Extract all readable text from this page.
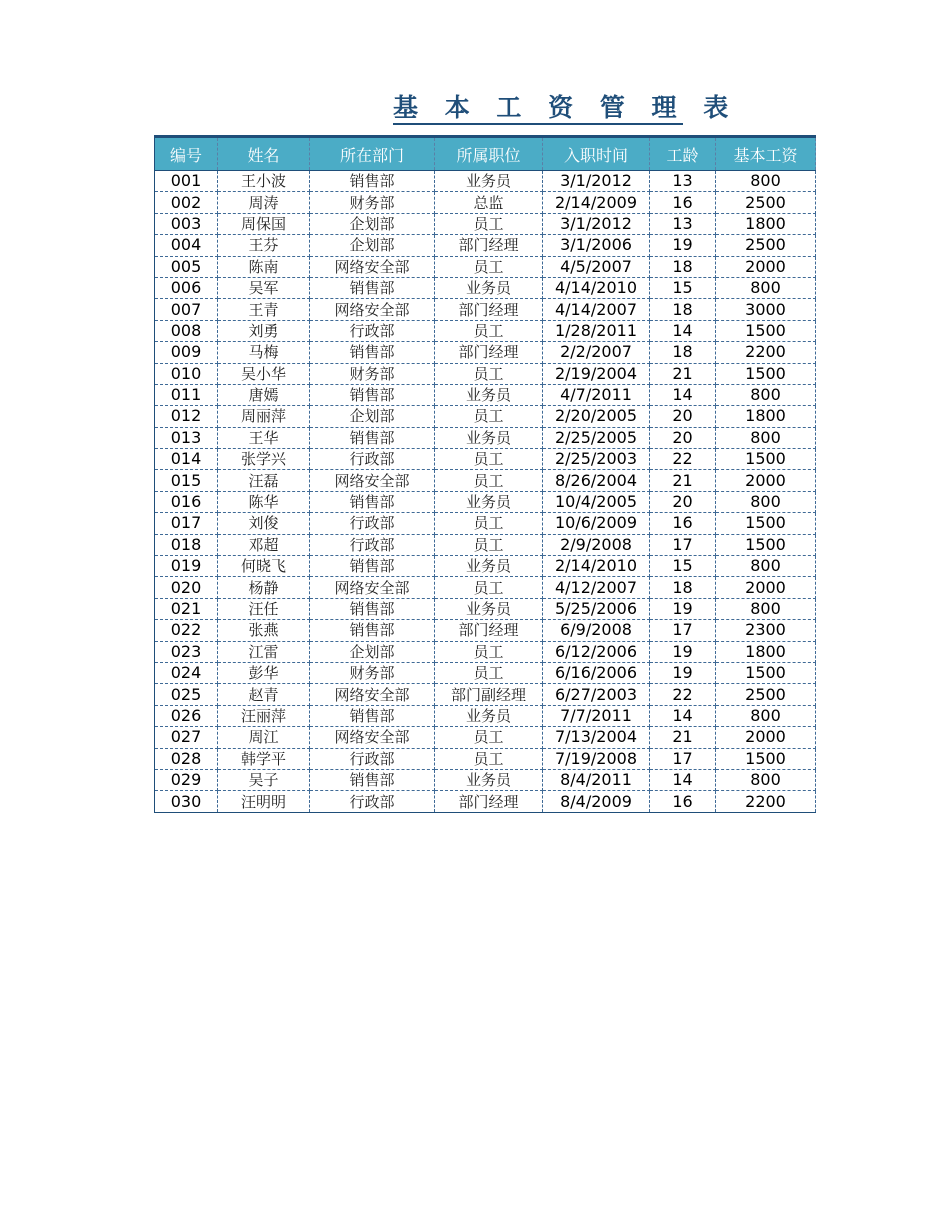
基 本 工 资 管 理 表
编号	姓名	所在部门	所属职位	入职时间	工龄	基本工资
001	王小波	销售部	业务员	3/1/2012	13	800
002	周涛	财务部	总监	2/14/2009	16	2500
003	周保国	企划部	员工	3/1/2012	13	1800
004	王芬	企划部	部门经理	3/1/2006	19	2500
005	陈南	网络安全部	员工	4/5/2007	18	2000
006	吴军	销售部	业务员	4/14/2010	15	800
007	王青	网络安全部	部门经理	4/14/2007	18	3000
008	刘勇	行政部	员工	1/28/2011	14	1500
009	马梅	销售部	部门经理	2/2/2007	18	2200
010	吴小华	财务部	员工	2/19/2004	21	1500
011	唐嫣	销售部	业务员	4/7/2011	14	800
012	周丽萍	企划部	员工	2/20/2005	20	1800
013	王华	销售部	业务员	2/25/2005	20	800
014	张学兴	行政部	员工	2/25/2003	22	1500
015	汪磊	网络安全部	员工	8/26/2004	21	2000
016	陈华	销售部	业务员	10/4/2005	20	800
017	刘俊	行政部	员工	10/6/2009	16	1500
018	邓超	行政部	员工	2/9/2008	17	1500
019	何晓飞	销售部	业务员	2/14/2010	15	800
020	杨静	网络安全部	员工	4/12/2007	18	2000
021	汪任	销售部	业务员	5/25/2006	19	800
022	张燕	销售部	部门经理	6/9/2008	17	2300
023	江雷	企划部	员工	6/12/2006	19	1800
024	彭华	财务部	员工	6/16/2006	19	1500
025	赵青	网络安全部	部门副经理	6/27/2003	22	2500
026	汪丽萍	销售部	业务员	7/7/2011	14	800
027	周江	网络安全部	员工	7/13/2004	21	2000
028	韩学平	行政部	员工	7/19/2008	17	1500
029	吴子	销售部	业务员	8/4/2011	14	800
030	汪明明	行政部	部门经理	8/4/2009	16	2200
